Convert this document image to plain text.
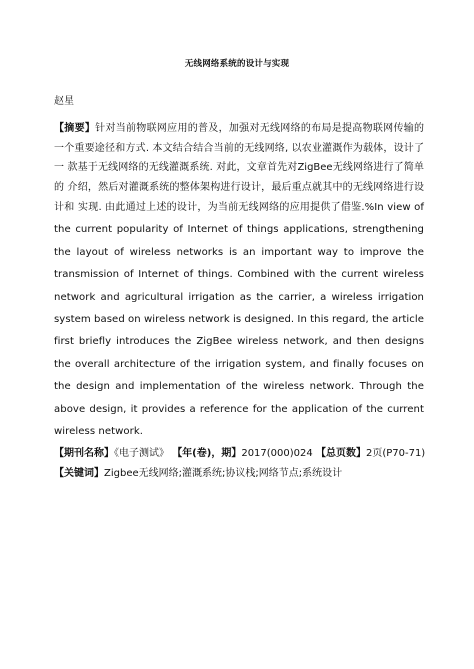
无线网络系统的设计与实现
赵星
【摘要】针对当前物联网应用的普及，加强对无线网络的布局是提高物联网传输的 一个重要途径和方式. 本文结合结合当前的无线网络, 以农业灌溉作为载体，设计了一 款基于无线网络的无线灌溉系统. 对此，文章首先对ZigBee无线网络进行了简单的 介绍，然后对灌溉系统的整体架构进行设计，最后重点就其中的无线网络进行设计和 实现. 由此通过上述的设计，为当前无线网络的应用提供了借鉴.%In view of the current popularity of Internet of things applications, strengthening the layout of wireless networks is an important way to improve the transmission of Internet of things. Combined with the current wireless network and agricultural irrigation as the carrier, a wireless irrigation system based on wireless network is designed. In this regard, the article first briefly introduces the ZigBee wireless network, and then designs the overall architecture of the irrigation system, and finally focuses on the design and implementation of the wireless network. Through the above design, it provides a reference for the application of the current wireless network.
【期刊名称】《电子测试》 【年(卷)，期】2017(000)024 【总页数】2页(P70-71) 【关键词】Zigbee无线网络;灌溉系统;协议栈;网络节点;系统设计
